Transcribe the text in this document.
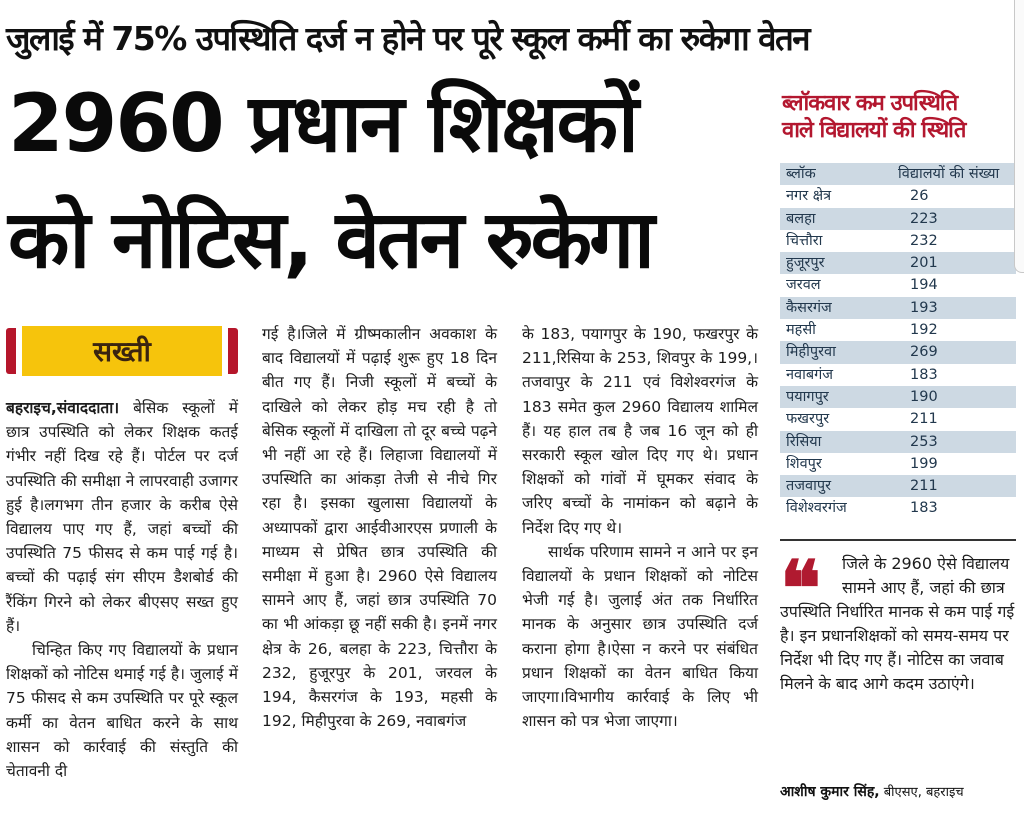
जुलाई में 75% उपस्थिति दर्ज न होने पर पूरे स्कूल कर्मी का रुकेगा वेतन
2960 प्रधान शिक्षकों
को नोटिस, वेतन रुकेगा
सख्ती

बहराइच,संवाददाता। बेसिक स्कूलों में छात्र उपस्थिति को लेकर शिक्षक कतई गंभीर नहीं दिख रहे हैं। पोर्टल पर दर्ज उपस्थिति की समीक्षा ने लापरवाही उजागर हुई है।लगभग तीन हजार के करीब ऐसे विद्यालय पाए गए हैं, जहां बच्चों की उपस्थिति 75 फीसद से कम पाई गई है। बच्चों की पढ़ाई संग सीएम डैशबोर्ड की रैंकिंग गिरने को लेकर बीएसए सख्त हुए हैं।

चिन्हित किए गए विद्यालयों के प्रधान शिक्षकों को नोटिस थमाई गई है। जुलाई में 75 फीसद से कम उपस्थिति पर पूरे स्कूल कर्मी का वेतन बाधित करने के साथ शासन को कार्रवाई की संस्तुति की चेतावनी दी

गई है।जिले में ग्रीष्मकालीन अवकाश के बाद विद्यालयों में पढ़ाई शुरू हुए 18 दिन बीत गए हैं। निजी स्कूलों में बच्चों के दाखिले को लेकर होड़ मच रही है तो बेसिक स्कूलों में दाखिला तो दूर बच्चे पढ़ने भी नहीं आ रहे हैं। लिहाजा विद्यालयों में उपस्थिति का आंकड़ा तेजी से नीचे गिर रहा है। इसका खुलासा विद्यालयों के अध्यापकों द्वारा आईवीआरएस प्रणाली के माध्यम से प्रेषित छात्र उपस्थिति की समीक्षा में हुआ है। 2960 ऐसे विद्यालय सामने आए हैं, जहां छात्र उपस्थिति 70 का भी आंकड़ा छू नहीं सकी है। इनमें नगर क्षेत्र के 26, बलहा के 223, चित्तौरा के 232, हुजूरपुर के 201, जरवल के 194, कैसरगंज के 193, महसी के 192, मिहीपुरवा के 269, नवाबगंज

के 183, पयागपुर के 190, फखरपुर के 211,रिसिया के 253, शिवपुर के 199,। तजवापुर के 211 एवं विशेश्वरगंज के 183 समेत कुल 2960 विद्यालय शामिल हैं। यह हाल तब है जब 16 जून को ही सरकारी स्कूल खोल दिए गए थे। प्रधान शिक्षकों को गांवों में घूमकर संवाद के जरिए बच्चों के नामांकन को बढ़ाने के निर्देश दिए गए थे।

सार्थक परिणाम सामने न आने पर इन विद्यालयों के प्रधान शिक्षकों को नोटिस भेजी गई है। जुलाई अंत तक निर्धारित मानक के अनुसार छात्र उपस्थिति दर्ज कराना होगा है।ऐसा न करने पर संबंधित प्रधान शिक्षकों का वेतन बाधित किया जाएगा।विभागीय कार्रवाई के लिए भी शासन को पत्र भेजा जाएगा।

ब्लॉकवार कम उपस्थिति
वाले विद्यालयों की स्थिति
ब्लॉक	विद्यालयों की संख्या
नगर क्षेत्र	26
बलहा	223
चित्तौरा	232
हुजूरपुर	201
जरवल	194
कैसरगंज	193
महसी	192
मिहीपुरवा	269
नवाबगंज	183
पयागपुर	190
फखरपुर	211
रिसिया	253
शिवपुर	199
तजवापुर	211
विशेश्वरगंज	183
❝	जिले के 2960 ऐसे विद्यालय सामने आए हैं, जहां की छात्र उपस्थिति निर्धारित मानक से कम पाई गई है। इन प्रधानशिक्षकों को समय-समय पर निर्देश भी दिए गए हैं। नोटिस का जवाब मिलने के बाद आगे कदम उठाएंगे।
आशीष कुमार सिंह, बीएसए, बहराइच
